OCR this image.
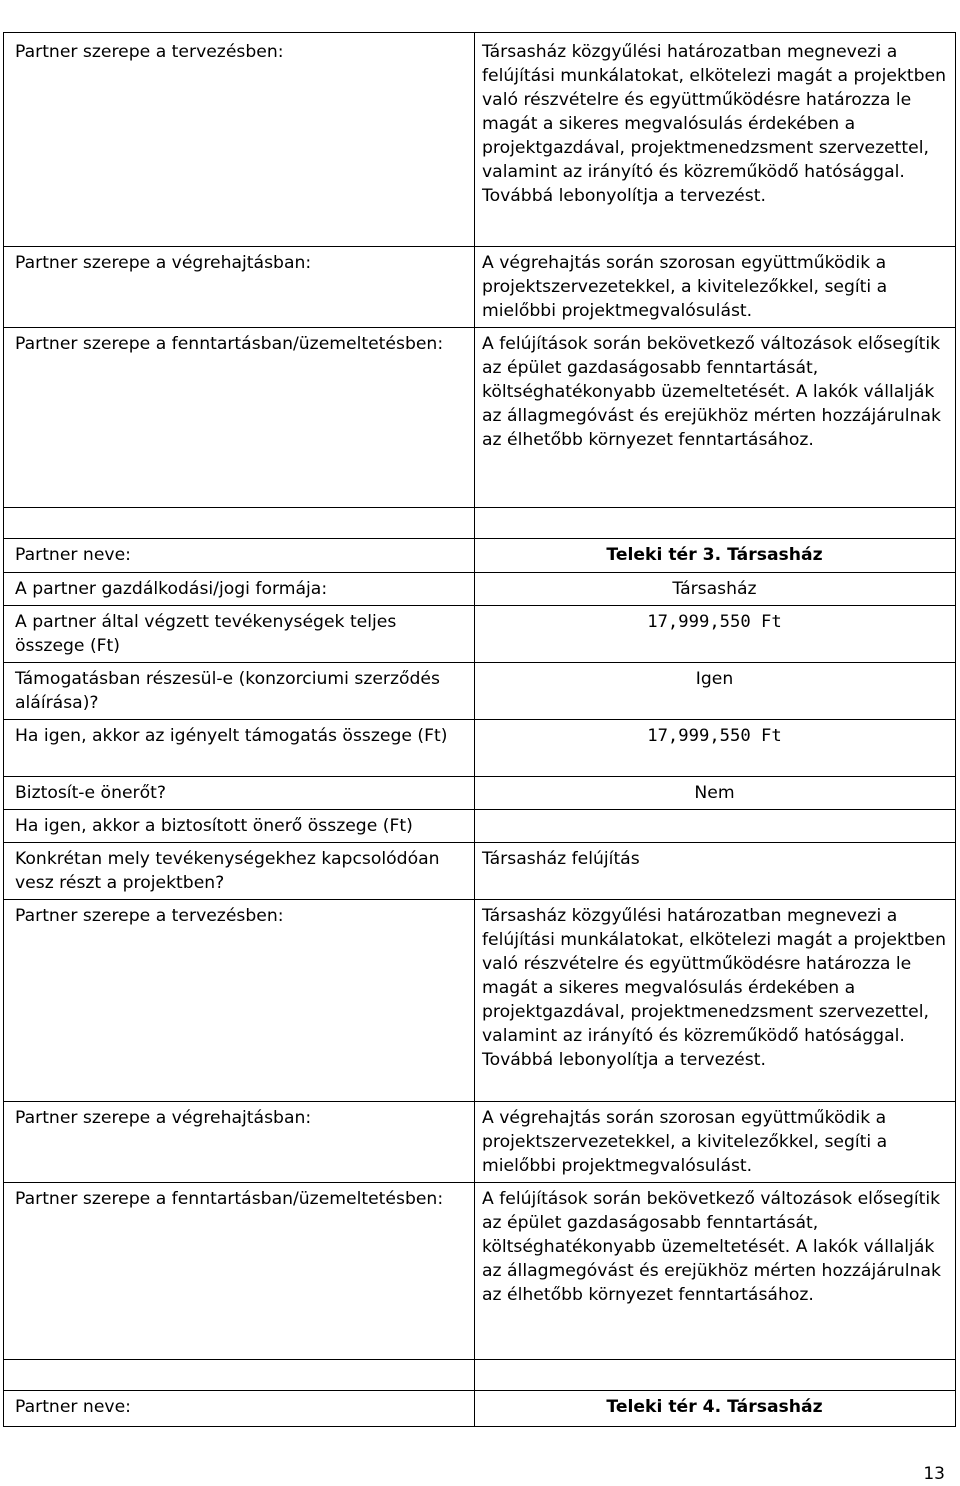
Partner szerepe a tervezésben:	Társasház közgyűlési határozatban megnevezi a felújítási munkálatokat, elkötelezi magát a projektben való részvételre és együttműködésre határozza le magát a sikeres megvalósulás érdekében a projektgazdával, projektmenedzsment szervezettel, valamint az irányító és közreműködő hatósággal. Továbbá lebonyolítja a tervezést.
Partner szerepe a végrehajtásban:	A végrehajtás során szorosan együttműködik a projektszervezetekkel, a kivitelezőkkel, segíti a mielőbbi projektmegvalósulást.
Partner szerepe a fenntartásban/üzemeltetésben:	A felújítások során bekövetkező változások elősegítik az épület gazdaságosabb fenntartását, költséghatékonyabb üzemeltetését. A lakók vállalják az állagmegóvást és erejükhöz mérten hozzájárulnak az élhetőbb környezet fenntartásához.

Partner neve:	Teleki tér 3. Társasház
A partner gazdálkodási/jogi formája:	Társasház
A partner által végzett tevékenységek teljes összege (Ft)	17,999,550 Ft
Támogatásban részesül-e (konzorciumi szerződés aláírása)?	Igen
Ha igen, akkor az igényelt támogatás összege (Ft)	17,999,550 Ft
Biztosít-e önerőt?	Nem
Ha igen, akkor a biztosított önerő összege (Ft)	
Konkrétan mely tevékenységekhez kapcsolódóan vesz részt a projektben?	Társasház felújítás
Partner szerepe a tervezésben:	Társasház közgyűlési határozatban megnevezi a felújítási munkálatokat, elkötelezi magát a projektben való részvételre és együttműködésre határozza le magát a sikeres megvalósulás érdekében a projektgazdával, projektmenedzsment szervezettel, valamint az irányító és közreműködő hatósággal. Továbbá lebonyolítja a tervezést.
Partner szerepe a végrehajtásban:	A végrehajtás során szorosan együttműködik a projektszervezetekkel, a kivitelezőkkel, segíti a mielőbbi projektmegvalósulást.
Partner szerepe a fenntartásban/üzemeltetésben:	A felújítások során bekövetkező változások elősegítik az épület gazdaságosabb fenntartását, költséghatékonyabb üzemeltetését. A lakók vállalják az állagmegóvást és erejükhöz mérten hozzájárulnak az élhetőbb környezet fenntartásához.

Partner neve:	Teleki tér 4. Társasház
13
